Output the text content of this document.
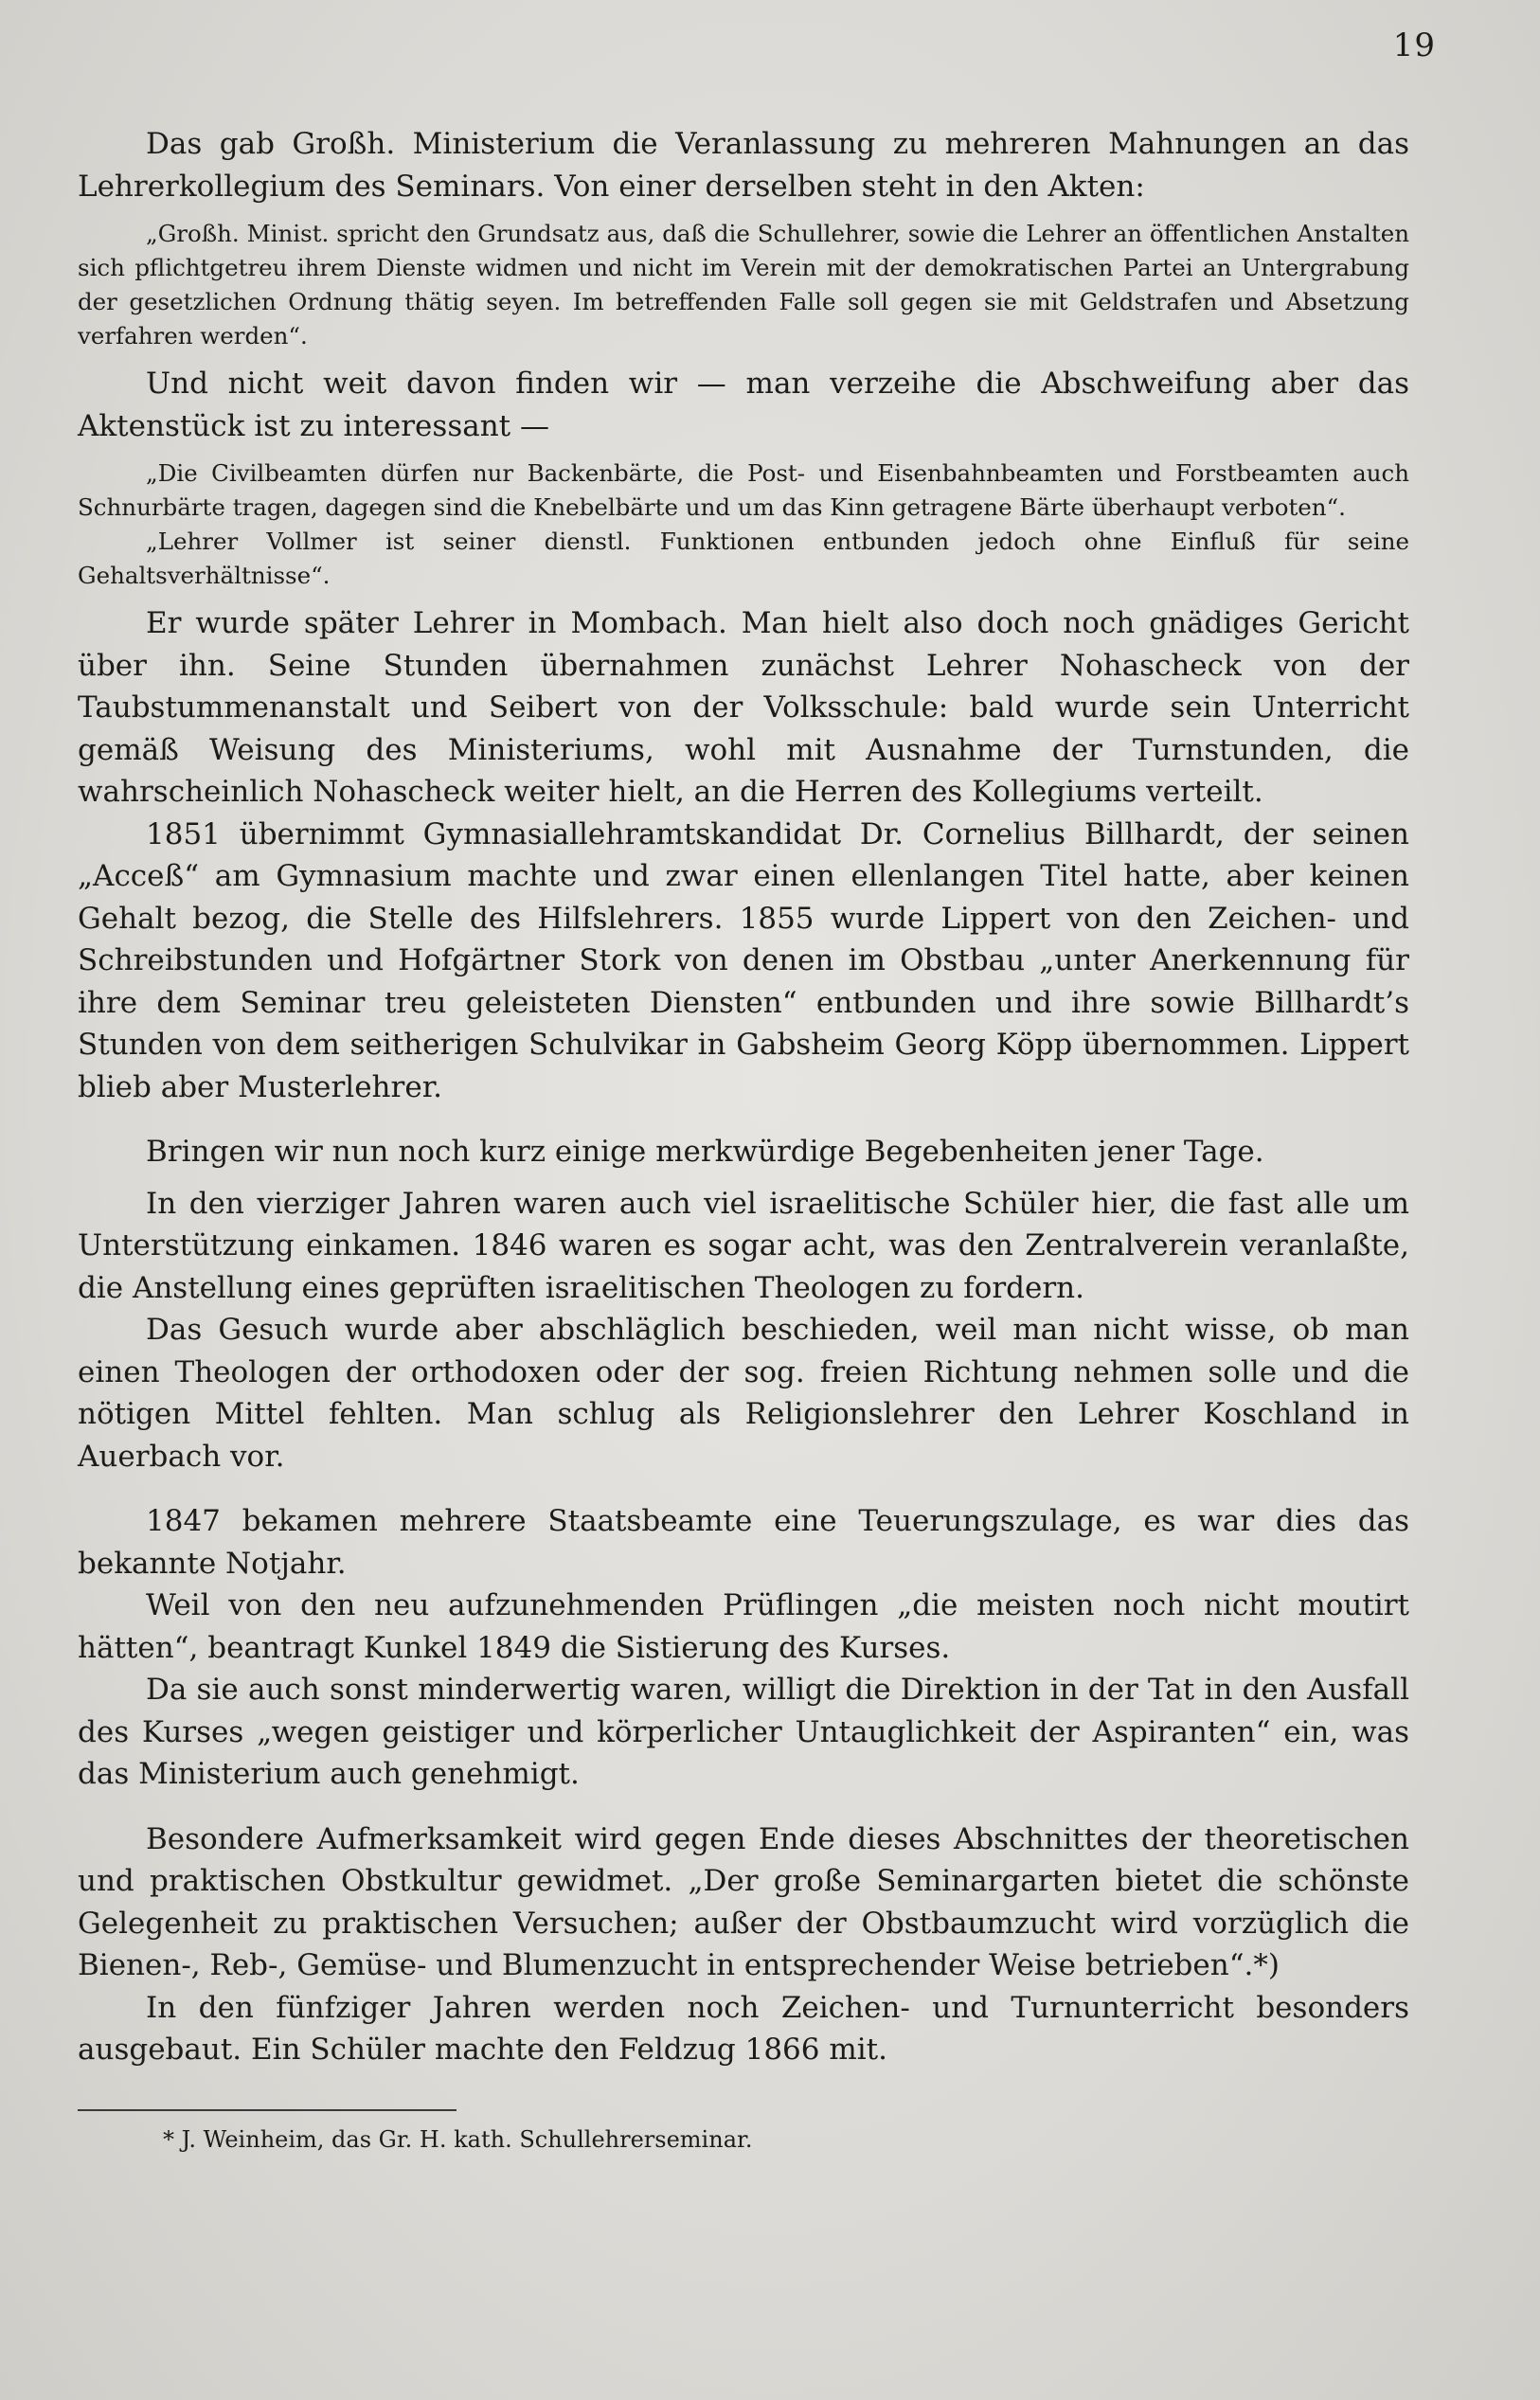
19

Das gab Großh. Ministerium die Veranlassung zu mehreren Mahnungen an das Lehrerkollegium des Seminars. Von einer derselben steht in den Akten:

„Großh. Minist. spricht den Grundsatz aus, daß die Schullehrer, sowie die Lehrer an öffentlichen Anstalten sich pflichtgetreu ihrem Dienste widmen und nicht im Verein mit der demokratischen Partei an Untergrabung der gesetzlichen Ordnung thätig seyen. Im betreffenden Falle soll gegen sie mit Geldstrafen und Absetzung verfahren werden“.

Und nicht weit davon finden wir — man verzeihe die Abschweifung aber das Aktenstück ist zu interessant —

„Die Civilbeamten dürfen nur Backenbärte, die Post- und Eisenbahnbeamten und Forstbeamten auch Schnurbärte tragen, dagegen sind die Knebelbärte und um das Kinn getragene Bärte überhaupt verboten“.

„Lehrer Vollmer ist seiner dienstl. Funktionen entbunden jedoch ohne Einfluß für seine Gehaltsverhältnisse“.

Er wurde später Lehrer in Mombach. Man hielt also doch noch gnädiges Gericht über ihn. Seine Stunden übernahmen zunächst Lehrer Nohascheck von der Taubstummenanstalt und Seibert von der Volksschule: bald wurde sein Unterricht gemäß Weisung des Ministeriums, wohl mit Ausnahme der Turnstunden, die wahrscheinlich Nohascheck weiter hielt, an die Herren des Kollegiums verteilt.

1851 übernimmt Gymnasiallehramtskandidat Dr. Cornelius Billhardt, der seinen „Acceß“ am Gymnasium machte und zwar einen ellenlangen Titel hatte, aber keinen Gehalt bezog, die Stelle des Hilfslehrers. 1855 wurde Lippert von den Zeichen- und Schreibstunden und Hofgärtner Stork von denen im Obstbau „unter Anerkennung für ihre dem Seminar treu geleisteten Diensten“ entbunden und ihre sowie Billhardt’s Stunden von dem seitherigen Schulvikar in Gabsheim Georg Köpp übernommen. Lippert blieb aber Musterlehrer.

Bringen wir nun noch kurz einige merkwürdige Begebenheiten jener Tage.

In den vierziger Jahren waren auch viel israelitische Schüler hier, die fast alle um Unterstützung einkamen. 1846 waren es sogar acht, was den Zentralverein veranlaßte, die Anstellung eines geprüften israelitischen Theologen zu fordern.

Das Gesuch wurde aber abschläglich beschieden, weil man nicht wisse, ob man einen Theologen der orthodoxen oder der sog. freien Richtung nehmen solle und die nötigen Mittel fehlten. Man schlug als Religionslehrer den Lehrer Koschland in Auerbach vor.

1847 bekamen mehrere Staatsbeamte eine Teuerungszulage, es war dies das bekannte Notjahr.

Weil von den neu aufzunehmenden Prüflingen „die meisten noch nicht moutirt hätten“, beantragt Kunkel 1849 die Sistierung des Kurses.

Da sie auch sonst minderwertig waren, willigt die Direktion in der Tat in den Ausfall des Kurses „wegen geistiger und körperlicher Untauglichkeit der Aspiranten“ ein, was das Ministerium auch genehmigt.

Besondere Aufmerksamkeit wird gegen Ende dieses Abschnittes der theoretischen und praktischen Obstkultur gewidmet. „Der große Seminargarten bietet die schönste Gelegenheit zu praktischen Versuchen; außer der Obstbaumzucht wird vorzüglich die Bienen-, Reb-, Gemüse- und Blumenzucht in entsprechender Weise betrieben“.*)

In den fünfziger Jahren werden noch Zeichen- und Turnunterricht besonders ausgebaut. Ein Schüler machte den Feldzug 1866 mit.

* J. Weinheim, das Gr. H. kath. Schullehrerseminar.
